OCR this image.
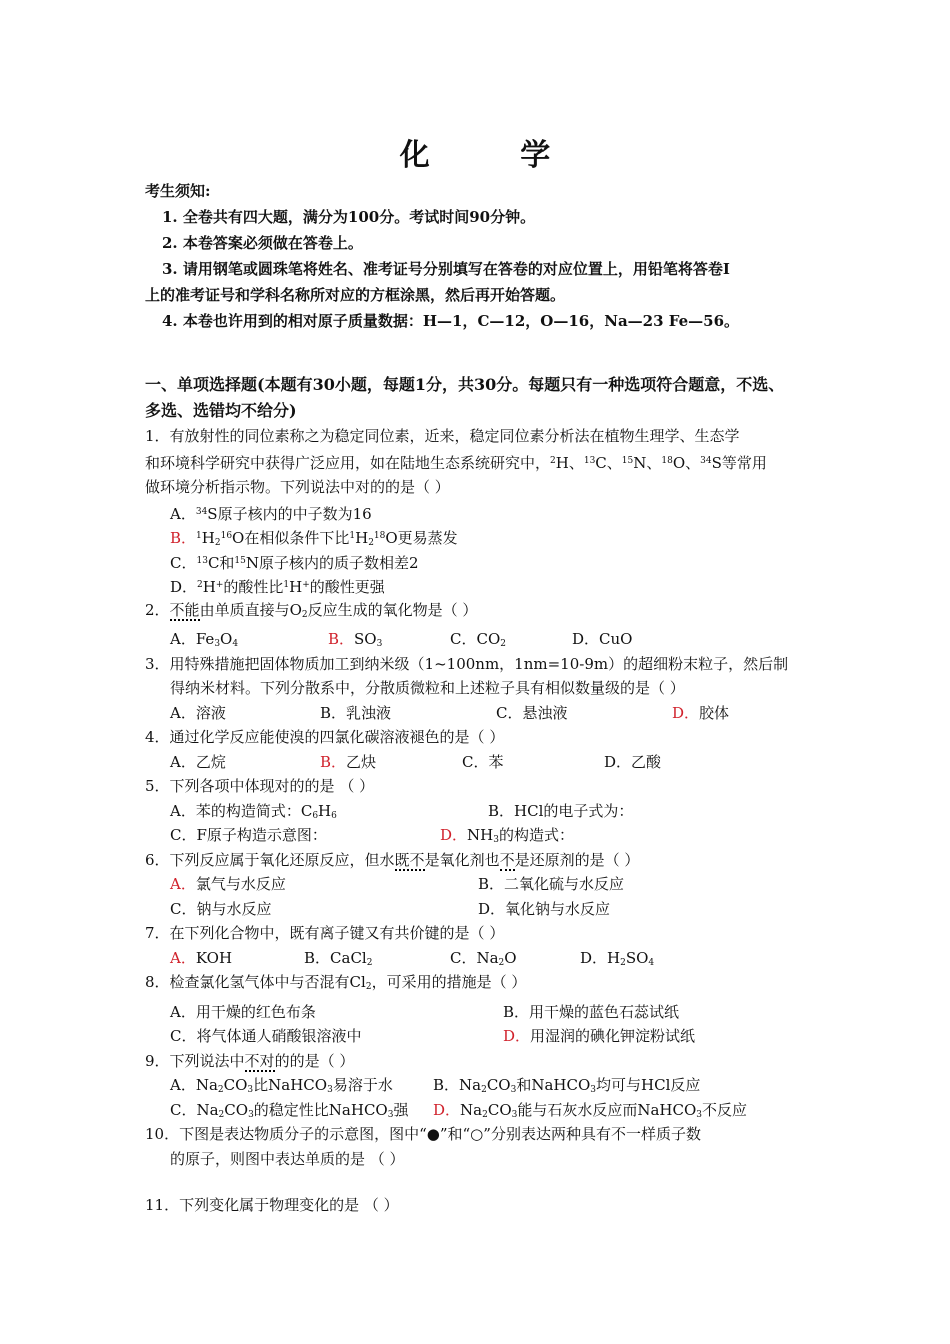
化 学
考生须知:
1. 全卷共有四大题，满分为100分。考试时间90分钟。
2. 本卷答案必须做在答卷上。
3. 请用钢笔或圆珠笔将姓名、准考证号分别填写在答卷的对应位置上，用铅笔将答卷Ⅰ
上的准考证号和学科名称所对应的方框涂黑，然后再开始答题。
4. 本卷也许用到的相对原子质量数据：H—1，C—12，O—16，Na—23 Fe—56。
一、单项选择题(本题有30小题，每题1分，共30分。每题只有一种选项符合题意，不选、
多选、选错均不给分)
1．有放射性的同位素称之为稳定同位素，近来，稳定同位素分析法在植物生理学、生态学
和环境科学研究中获得广泛应用，如在陆地生态系统研究中，$^2$H、$^{13}$C、$^{15}$N、$^{18}$O、$^{34}$S等常用
做环境分析指示物。下列说法中对的的是（ ）
A．$^{34}$S原子核内的中子数为16
B．$^1H_2^{16}O$在相似条件下比$^1H_2^{18}O$更易蒸发
C．$^{13}$C和$^{15}$N原子核内的质子数相差2
D．$^2$H+的酸性比$^1$H+的酸性更强
2．不能由单质直接与$O_2$反应生成的氧化物是（ ）
A．$Fe_3O_4$	B．$SO_3$	C．$CO_2$	D．CuO
3．用特殊措施把固体物质加工到纳米级（1~100nm，1nm=10-9m）的超细粉末粒子，然后制
得纳米材料。下列分散系中，分散质微粒和上述粒子具有相似数量级的是（ ）
A．溶液	B．乳浊液	C．悬浊液	D．胶体
4．通过化学反应能使溴的四氯化碳溶液褪色的是（ ）
A．乙烷	B．乙炔	C．苯	D．乙酸
5．下列各项中体现对的的是 （ ）
A．苯的构造简式：$C_6H_6$	B．HCl的电子式为：
C．F原子构造示意图：	D．$NH_3$的构造式：
6．下列反应属于氧化还原反应，但水既不是氧化剂也不是还原剂的是（ ）
A．氯气与水反应	B．二氧化硫与水反应
C．钠与水反应	D．氧化钠与水反应
7．在下列化合物中，既有离子键又有共价键的是（ ）
A．KOH	B．CaCl$_2$	C．$Na_2O$	D．$H_2SO_4$
8．检查氯化氢气体中与否混有$Cl_2$，可采用的措施是（ ）
A．用干燥的红色布条	B．用干燥的蓝色石蕊试纸
C．将气体通人硝酸银溶液中	D．用湿润的碘化钾淀粉试纸
9．下列说法中不对的的是（ ）
A．$Na_2CO_3$比NaHCO$_3$易溶于水	B．$Na_2CO_3$和NaHCO$_3$均可与HCl反应
C．$Na_2CO_3$的稳定性比NaHCO$_3$强	D．$Na_2CO_3$能与石灰水反应而NaHCO$_3$不反应
10．下图是表达物质分子的示意图，图中“●”和“○”分别表达两种具有不一样质子数
的原子，则图中表达单质的是 （ ）
11．下列变化属于物理变化的是 （ ）
